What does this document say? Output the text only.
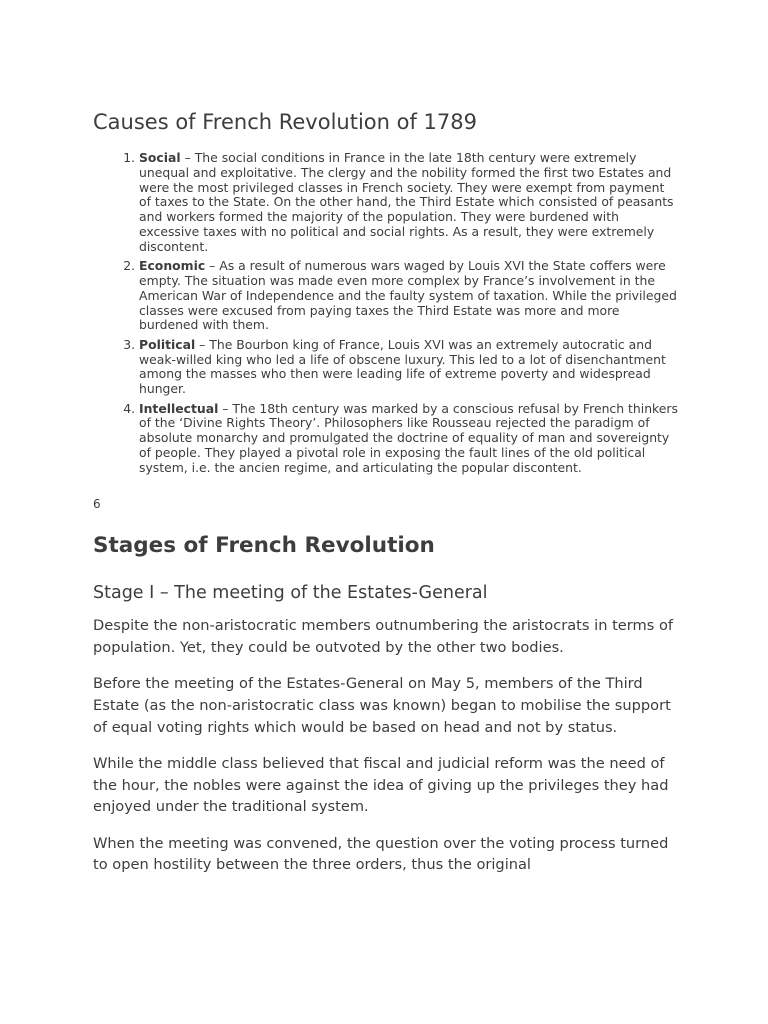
Causes of French Revolution of 1789
1. Social – The social conditions in France in the late 18th century were extremely unequal and exploitative. The clergy and the nobility formed the first two Estates and were the most privileged classes in French society. They were exempt from payment of taxes to the State. On the other hand, the Third Estate which consisted of peasants and workers formed the majority of the population. They were burdened with excessive taxes with no political and social rights. As a result, they were extremely discontent.
2. Economic – As a result of numerous wars waged by Louis XVI the State coffers were empty. The situation was made even more complex by France’s involvement in the American War of Independence and the faulty system of taxation. While the privileged classes were excused from paying taxes the Third Estate was more and more burdened with them.
3. Political – The Bourbon king of France, Louis XVI was an extremely autocratic and weak-willed king who led a life of obscene luxury. This led to a lot of disenchantment among the masses who then were leading life of extreme poverty and widespread hunger.
4. Intellectual – The 18th century was marked by a conscious refusal by French thinkers of the ‘Divine Rights Theory’. Philosophers like Rousseau rejected the paradigm of absolute monarchy and promulgated the doctrine of equality of man and sovereignty of people. They played a pivotal role in exposing the fault lines of the old political system, i.e. the ancien regime, and articulating the popular discontent.
6
Stages of French Revolution
Stage I – The meeting of the Estates-General

Despite the non-aristocratic members outnumbering the aristocrats in terms of population. Yet, they could be outvoted by the other two bodies.

Before the meeting of the Estates-General on May 5, members of the Third Estate (as the non-aristocratic class was known) began to mobilise the support of equal voting rights which would be based on head and not by status.

While the middle class believed that fiscal and judicial reform was the need of the hour, the nobles were against the idea of giving up the privileges they had enjoyed under the traditional system.

When the meeting was convened, the question over the voting process turned to open hostility between the three orders, thus the original
